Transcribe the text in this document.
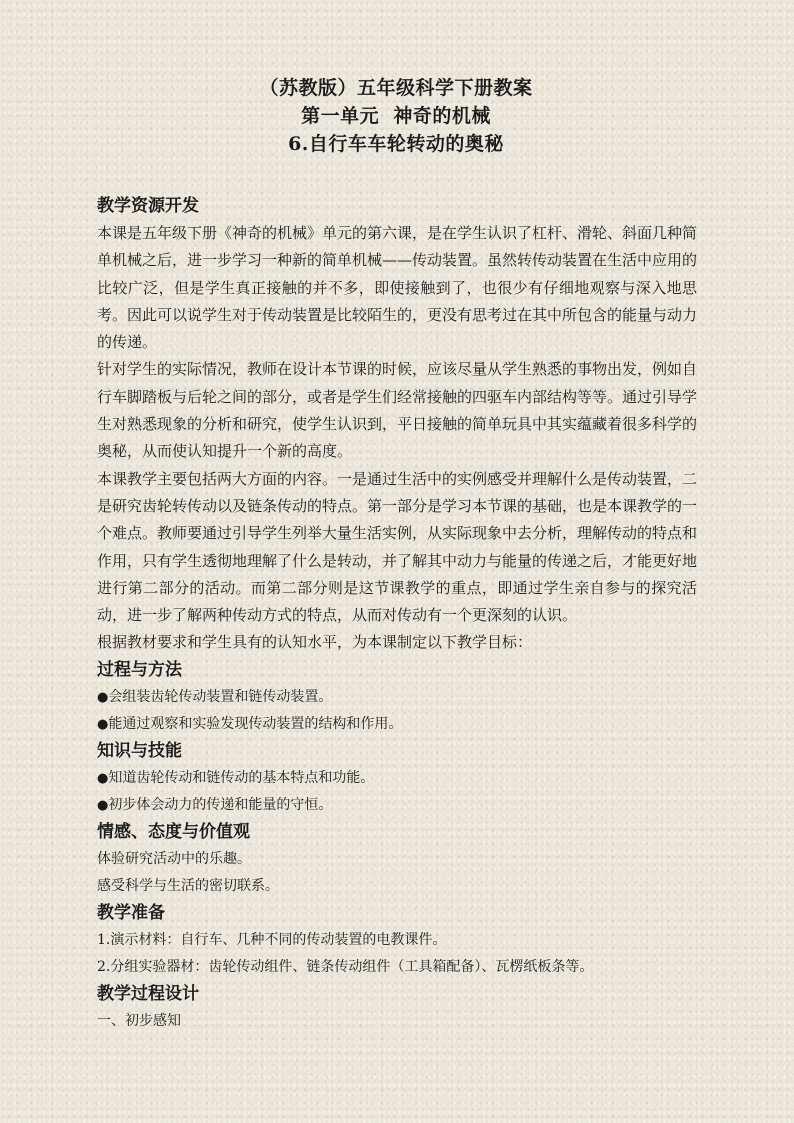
（苏教版）五年级科学下册教案
第一单元  神奇的机械
6.自行车车轮转动的奥秘
教学资源开发

本课是五年级下册《神奇的机械》单元的第六课，是在学生认识了杠杆、滑轮、斜面几种简单机械之后，进一步学习一种新的简单机械——传动装置。虽然转传动装置在生活中应用的比较广泛，但是学生真正接触的并不多，即使接触到了，也很少有仔细地观察与深入地思考。因此可以说学生对于传动装置是比较陌生的，更没有思考过在其中所包含的能量与动力的传递。

针对学生的实际情况，教师在设计本节课的时候，应该尽量从学生熟悉的事物出发，例如自行车脚踏板与后轮之间的部分，或者是学生们经常接触的四驱车内部结构等等。通过引导学生对熟悉现象的分析和研究，使学生认识到，平日接触的简单玩具中其实蕴藏着很多科学的奥秘，从而使认知提升一个新的高度。

本课教学主要包括两大方面的内容。一是通过生活中的实例感受并理解什么是传动装置，二是研究齿轮转传动以及链条传动的特点。第一部分是学习本节课的基础，也是本课教学的一个难点。教师要通过引导学生列举大量生活实例，从实际现象中去分析，理解传动的特点和作用，只有学生透彻地理解了什么是转动，并了解其中动力与能量的传递之后，才能更好地进行第二部分的活动。而第二部分则是这节课教学的重点，即通过学生亲自参与的探究活动，进一步了解两种传动方式的特点，从而对传动有一个更深刻的认识。

根据教材要求和学生具有的认知水平，为本课制定以下教学目标：

过程与方法
●会组装齿轮传动装置和链传动装置。
●能通过观察和实验发现传动装置的结构和作用。
知识与技能
●知道齿轮传动和链传动的基本特点和功能。
●初步体会动力的传递和能量的守恒。
情感、态度与价值观
体验研究活动中的乐趣。
感受科学与生活的密切联系。
教学准备
1.演示材料：自行车、几种不同的传动装置的电教课件。
2.分组实验器材：齿轮传动组件、链条传动组件（工具箱配备）、瓦楞纸板条等。
教学过程设计
一、初步感知
